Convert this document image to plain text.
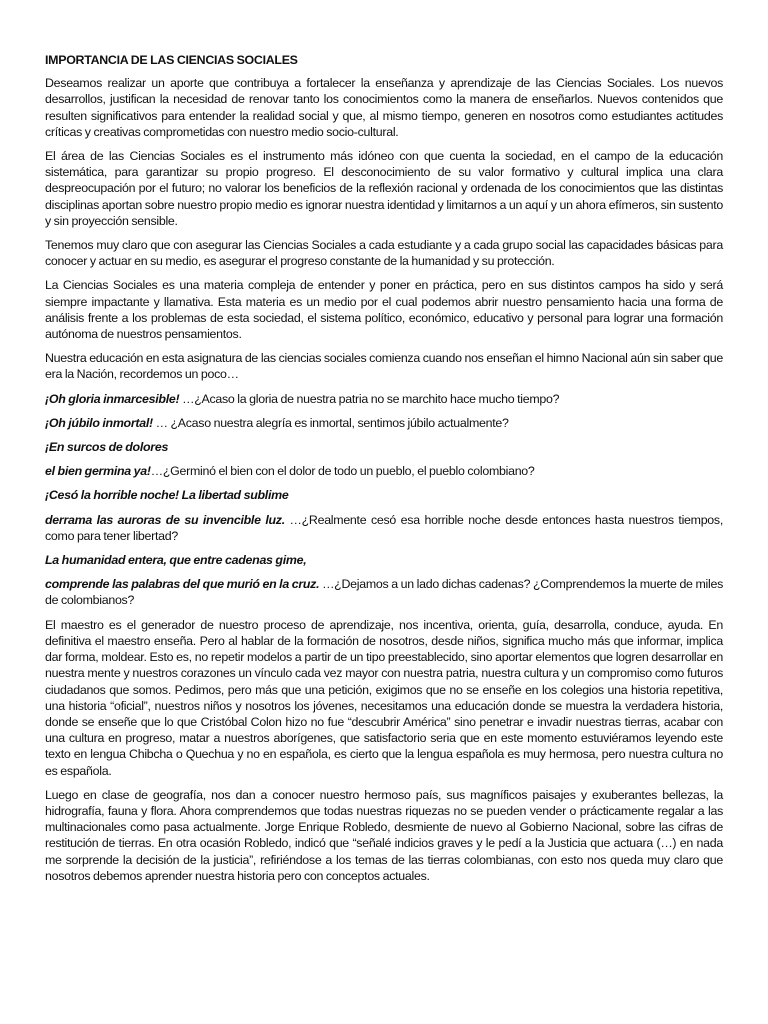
IMPORTANCIA DE LAS CIENCIAS SOCIALES

Deseamos realizar un aporte que contribuya a fortalecer la enseñanza y aprendizaje de las Ciencias Sociales. Los nuevos desarrollos, justifican la necesidad de renovar tanto los conocimientos como la manera de enseñarlos. Nuevos contenidos que resulten significativos para entender la realidad social y que, al mismo tiempo, generen en nosotros como estudiantes actitudes críticas y creativas comprometidas con nuestro medio socio-cultural.

El área de las Ciencias Sociales es el instrumento más idóneo con que cuenta la sociedad, en el campo de la educación sistemática, para garantizar su propio progreso. El desconocimiento de su valor formativo y cultural implica una clara despreocupación por el futuro; no valorar los beneficios de la reflexión racional y ordenada de los conocimientos que las distintas disciplinas aportan sobre nuestro propio medio es ignorar nuestra identidad y limitarnos a un aquí y un ahora efímeros, sin sustento y sin proyección sensible.

Tenemos muy claro que con asegurar las Ciencias Sociales a cada estudiante y a cada grupo social las capacidades básicas para conocer y actuar en su medio, es asegurar el progreso constante de la humanidad y su protección.

La Ciencias Sociales es una materia compleja de entender y poner en práctica, pero en sus distintos campos ha sido y será siempre impactante y llamativa. Esta materia es un medio por el cual podemos abrir nuestro pensamiento hacia una forma de análisis frente a los problemas de esta sociedad, el sistema político, económico, educativo y personal para lograr una formación autónoma de nuestros pensamientos.

Nuestra educación en esta asignatura de las ciencias sociales comienza cuando nos enseñan el himno Nacional aún sin saber que era la Nación, recordemos un poco…

¡Oh gloria inmarcesible! …¿Acaso la gloria de nuestra patria no se marchito hace mucho tiempo?

¡Oh júbilo inmortal! … ¿Acaso nuestra alegría es inmortal, sentimos júbilo actualmente?

¡En surcos de dolores

el bien germina ya!…¿Germinó el bien con el dolor de todo un pueblo, el pueblo colombiano?

¡Cesó la horrible noche! La libertad sublime

derrama las auroras de su invencible luz. …¿Realmente cesó esa horrible noche desde entonces hasta nuestros tiempos, como para tener libertad?

La humanidad entera, que entre cadenas gime,

comprende las palabras del que murió en la cruz. …¿Dejamos a un lado dichas cadenas? ¿Comprendemos la muerte de miles de colombianos?

El maestro es el generador de nuestro proceso de aprendizaje, nos incentiva, orienta, guía, desarrolla, conduce, ayuda. En definitiva el maestro enseña. Pero al hablar de la formación de nosotros, desde niños, significa mucho más que informar, implica dar forma, moldear. Esto es, no repetir modelos a partir de un tipo preestablecido, sino aportar elementos que logren desarrollar en nuestra mente y nuestros corazones un vínculo cada vez mayor con nuestra patria, nuestra cultura y un compromiso como futuros ciudadanos que somos. Pedimos, pero más que una petición, exigimos que no se enseñe en los colegios una historia repetitiva, una historia “oficial”, nuestros niños y nosotros los jóvenes, necesitamos una educación donde se muestra la verdadera historia, donde se enseñe que lo que Cristóbal Colon hizo no fue “descubrir América” sino penetrar e invadir nuestras tierras, acabar con una cultura en progreso, matar a nuestros aborígenes, que satisfactorio seria que en este momento estuviéramos leyendo este texto en lengua Chibcha o Quechua y no en española, es cierto que la lengua española es muy hermosa, pero nuestra cultura no es española.

Luego en clase de geografía, nos dan a conocer nuestro hermoso país, sus magníficos paisajes y exuberantes bellezas, la hidrografía, fauna y flora. Ahora comprendemos que todas nuestras riquezas no se pueden vender o prácticamente regalar a las multinacionales como pasa actualmente. Jorge Enrique Robledo, desmiente de nuevo al Gobierno Nacional, sobre las cifras de restitución de tierras. En otra ocasión Robledo, indicó que “señalé indicios graves y le pedí a la Justicia que actuara (…) en nada me sorprende la decisión de la justicia”, refiriéndose a los temas de las tierras colombianas, con esto nos queda muy claro que nosotros debemos aprender nuestra historia pero con conceptos actuales.
